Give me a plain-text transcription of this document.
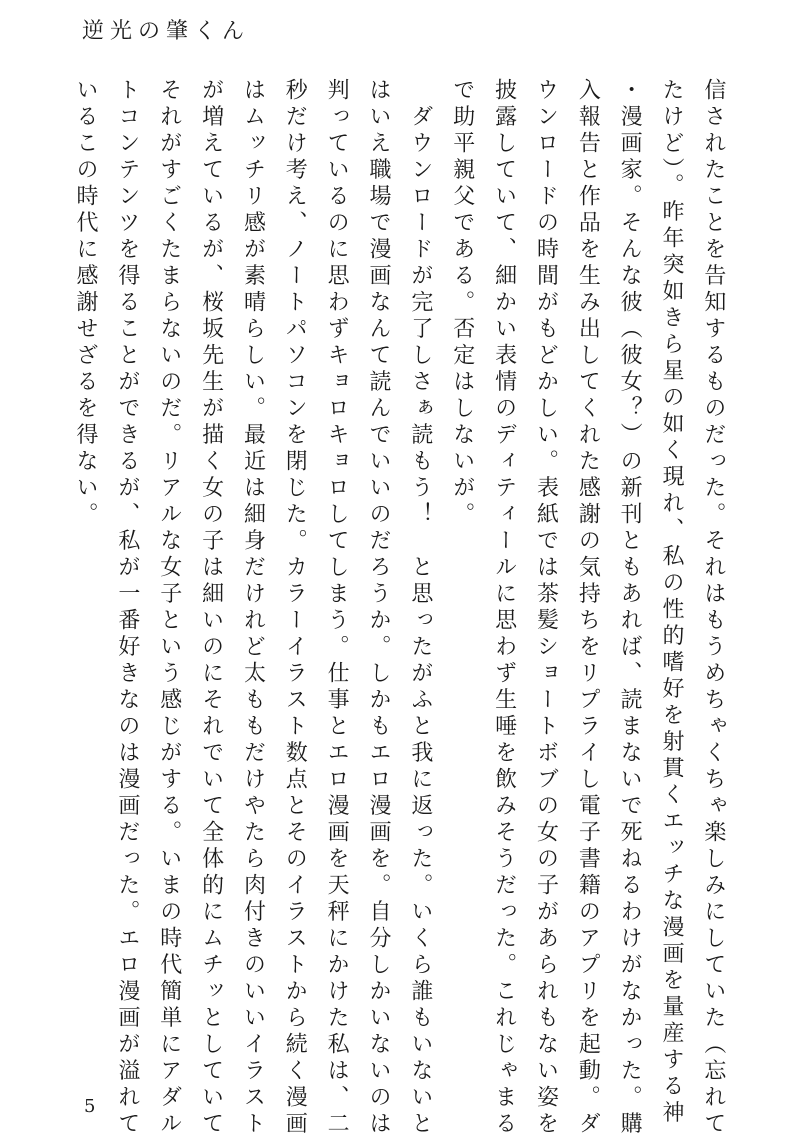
逆光の肇くん
信されたことを告知するものだった。それはもうめちゃくちゃ楽しみにしていた（忘れて
たけど）。昨年突如きら星の如く現れ、私の性的嗜好を射貫くエッチな漫画を量産する神
・漫画家。そんな彼（彼女？）の新刊ともあれば、読まないで死ねるわけがなかった。購
入報告と作品を生み出してくれた感謝の気持ちをリプライし電子書籍のアプリを起動。ダ
ウンロードの時間がもどかしい。表紙では茶髪ショートボブの女の子があられもない姿を
披露していて、細かい表情のディティールに思わず生唾を飲みそうだった。これじゃまる
で助平親父である。否定はしないが。
　ダウンロードが完了しさぁ読もう！　と思ったがふと我に返った。いくら誰もいないと
はいえ職場で漫画なんて読んでいいのだろうか。しかもエロ漫画を。自分しかいないのは
判っているのに思わずキョロキョロしてしまう。仕事とエロ漫画を天秤にかけた私は、二
秒だけ考え、ノートパソコンを閉じた。カラーイラスト数点とそのイラストから続く漫画
はムッチリ感が素晴らしい。最近は細身だけれど太ももだけやたら肉付きのいいイラスト
が増えているが、桜坂先生が描く女の子は細いのにそれでいて全体的にムチッとしていて
それがすごくたまらないのだ。リアルな女子という感じがする。いまの時代簡単にアダル
トコンテンツを得ることができるが、私が一番好きなのは漫画だった。エロ漫画が溢れて
いるこの時代に感謝せざるを得ない。
5
